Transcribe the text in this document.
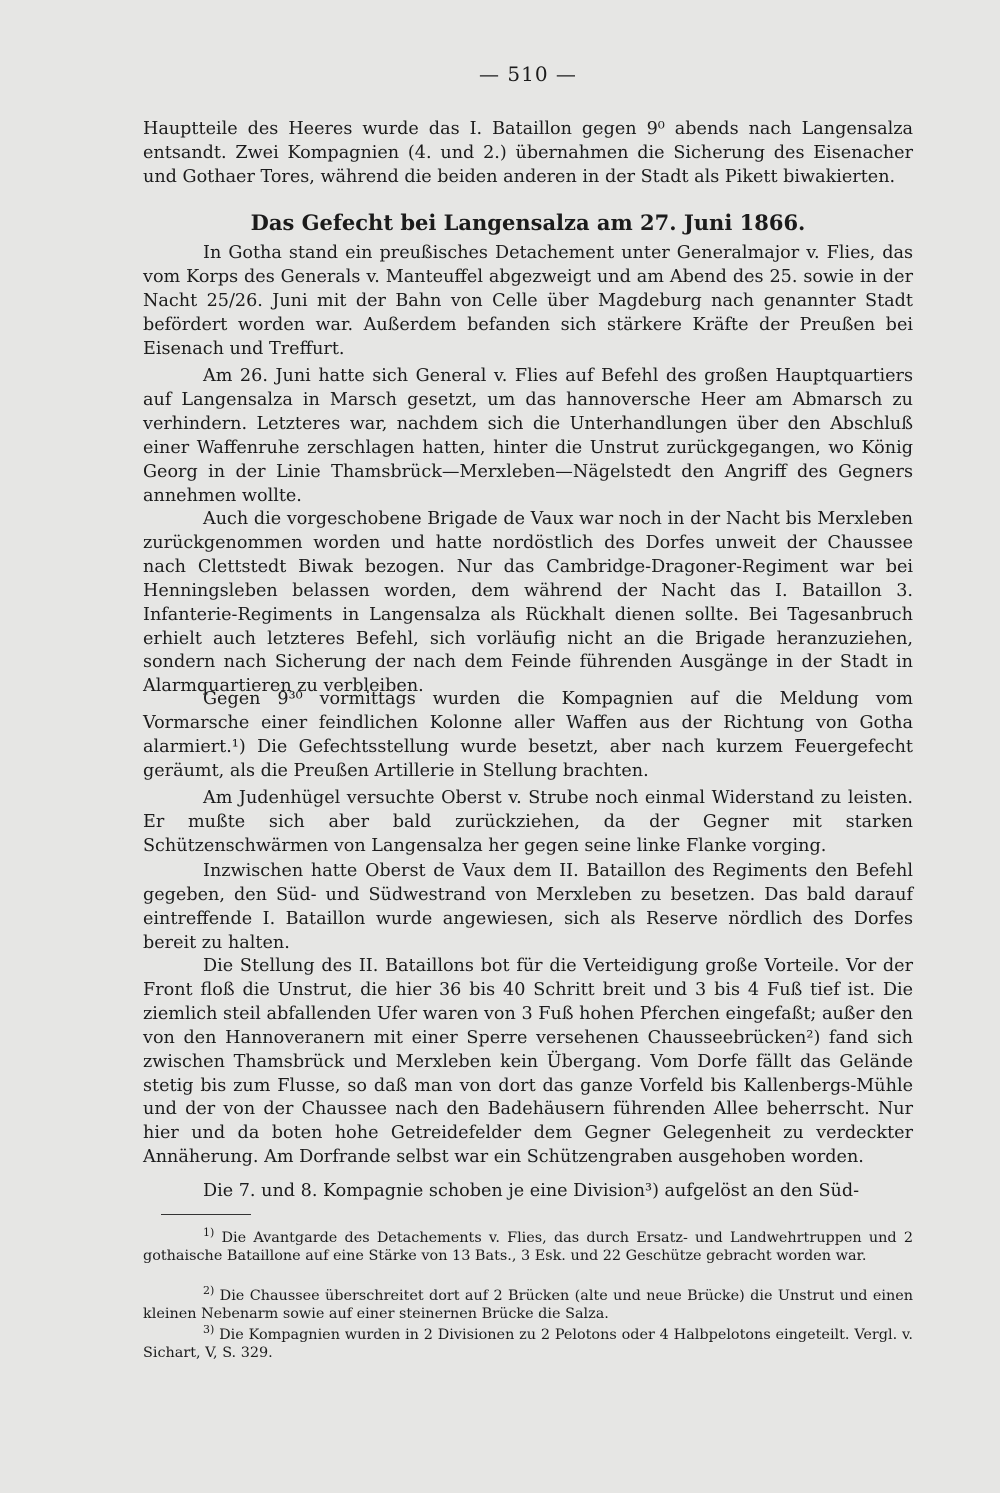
— 510 —

Hauptteile des Heeres wurde das I. Bataillon gegen 9⁰ abends nach Langensalza entsandt. Zwei Kompagnien (4. und 2.) übernahmen die Sicherung des Eisenacher und Gothaer Tores, während die beiden anderen in der Stadt als Pikett biwakierten.

Das Gefecht bei Langensalza am 27. Juni 1866.

In Gotha stand ein preußisches Detachement unter Generalmajor v. Flies, das vom Korps des Generals v. Manteuffel abgezweigt und am Abend des 25. sowie in der Nacht 25/26. Juni mit der Bahn von Celle über Magdeburg nach genannter Stadt befördert worden war. Außerdem befanden sich stärkere Kräfte der Preußen bei Eisenach und Treffurt.

Am 26. Juni hatte sich General v. Flies auf Befehl des großen Hauptquartiers auf Langensalza in Marsch gesetzt, um das hannoversche Heer am Abmarsch zu verhindern. Letzteres war, nachdem sich die Unterhandlungen über den Abschluß einer Waffenruhe zerschlagen hatten, hinter die Unstrut zurückgegangen, wo König Georg in der Linie Thamsbrück—Merxleben—Nägelstedt den Angriff des Gegners annehmen wollte.

Auch die vorgeschobene Brigade de Vaux war noch in der Nacht bis Merxleben zurückgenommen worden und hatte nordöstlich des Dorfes unweit der Chaussee nach Clettstedt Biwak bezogen. Nur das Cambridge-Dragoner-Regiment war bei Henningsleben belassen worden, dem während der Nacht das I. Bataillon 3. Infanterie-Regiments in Langensalza als Rückhalt dienen sollte. Bei Tagesanbruch erhielt auch letzteres Befehl, sich vorläufig nicht an die Brigade heranzuziehen, sondern nach Sicherung der nach dem Feinde führenden Ausgänge in der Stadt in Alarmquartieren zu verbleiben.

Gegen 9³⁰ vormittags wurden die Kompagnien auf die Meldung vom Vormarsche einer feindlichen Kolonne aller Waffen aus der Richtung von Gotha alarmiert.¹) Die Gefechtsstellung wurde besetzt, aber nach kurzem Feuergefecht geräumt, als die Preußen Artillerie in Stellung brachten.

Am Judenhügel versuchte Oberst v. Strube noch einmal Widerstand zu leisten. Er mußte sich aber bald zurückziehen, da der Gegner mit starken Schützenschwärmen von Langensalza her gegen seine linke Flanke vorging.

Inzwischen hatte Oberst de Vaux dem II. Bataillon des Regiments den Befehl gegeben, den Süd- und Südwestrand von Merxleben zu besetzen. Das bald darauf eintreffende I. Bataillon wurde angewiesen, sich als Reserve nördlich des Dorfes bereit zu halten.

Die Stellung des II. Bataillons bot für die Verteidigung große Vorteile. Vor der Front floß die Unstrut, die hier 36 bis 40 Schritt breit und 3 bis 4 Fuß tief ist. Die ziemlich steil abfallenden Ufer waren von 3 Fuß hohen Pferchen eingefaßt; außer den von den Hannoveranern mit einer Sperre versehenen Chausseebrücken²) fand sich zwischen Thamsbrück und Merxleben kein Übergang. Vom Dorfe fällt das Gelände stetig bis zum Flusse, so daß man von dort das ganze Vorfeld bis Kallenbergs-Mühle und der von der Chaussee nach den Badehäusern führenden Allee beherrscht. Nur hier und da boten hohe Getreidefelder dem Gegner Gelegenheit zu verdeckter Annäherung. Am Dorfrande selbst war ein Schützengraben ausgehoben worden.

Die 7. und 8. Kompagnie schoben je eine Division³) aufgelöst an den Süd-

$^{1)}$ Die Avantgarde des Detachements v. Flies, das durch Ersatz- und Landwehrtruppen und 2 gothaische Bataillone auf eine Stärke von 13 Bats., 3 Esk. und 22 Geschütze gebracht worden war.

$^{2)}$ Die Chaussee überschreitet dort auf 2 Brücken (alte und neue Brücke) die Unstrut und einen kleinen Nebenarm sowie auf einer steinernen Brücke die Salza.

$^{3)}$ Die Kompagnien wurden in 2 Divisionen zu 2 Pelotons oder 4 Halbpelotons eingeteilt. Vergl. v. Sichart, V, S. 329.
